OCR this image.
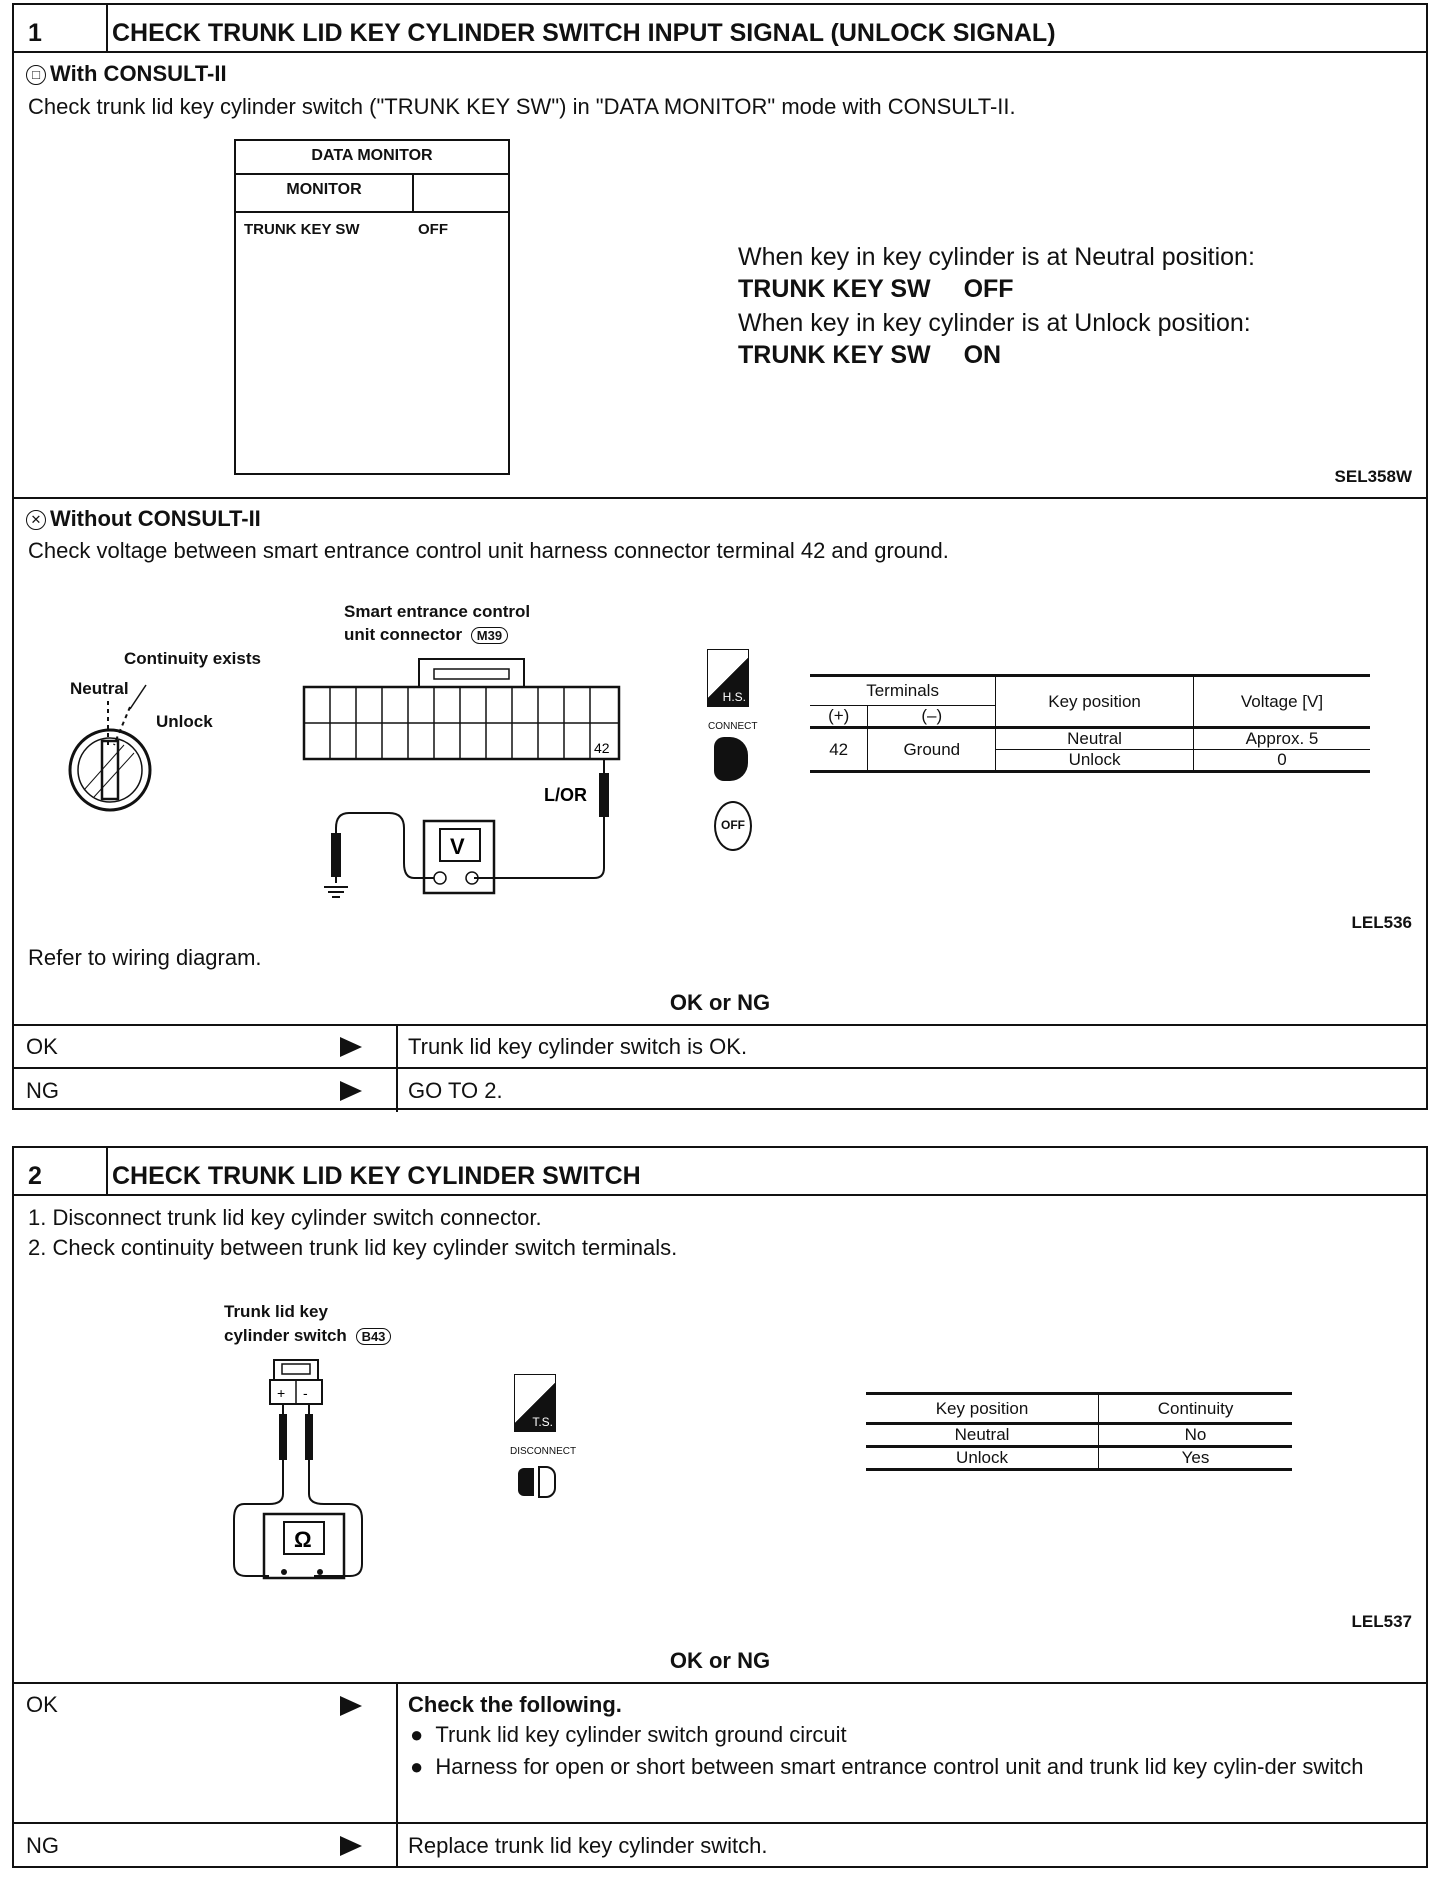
1	CHECK TRUNK LID KEY CYLINDER SWITCH INPUT SIGNAL (UNLOCK SIGNAL)
□ With CONSULT-II
Check trunk lid key cylinder switch ("TRUNK KEY SW") in "DATA MONITOR" mode with CONSULT-II.
DATA MONITOR
MONITOR
TRUNK KEY SW	OFF
When key in key cylinder is at Neutral position:
TRUNK KEY SW OFF
When key in key cylinder is at Unlock position:
TRUNK KEY SW ON
SEL358W
✕ Without CONSULT-II
Check voltage between smart entrance control unit harness connector terminal 42 and ground.
Continuity exists
Neutral
Unlock
Smart entrance control
unit connector M39
42
L/OR
V
H.S.
CONNECT
OFF
Terminals		Key position	Voltage [V]
(+)	(–)		
42	Ground	Neutral	Approx. 5
		Unlock	0
LEL536
Refer to wiring diagram.
OK or NG
OK	Trunk lid key cylinder switch is OK.
NG	GO TO 2.
2	CHECK TRUNK LID KEY CYLINDER SWITCH
1. Disconnect trunk lid key cylinder switch connector.
2. Check continuity between trunk lid key cylinder switch terminals.
Trunk lid key
cylinder switch B43
+ -
Ω
T.S.
DISCONNECT
Key position	Continuity
Neutral	No
Unlock	Yes
LEL537
OK or NG
OK	Check the following.
● Trunk lid key cylinder switch ground circuit
● Harness for open or short between smart entrance control unit and trunk lid key cylin-der switch
NG	Replace trunk lid key cylinder switch.
